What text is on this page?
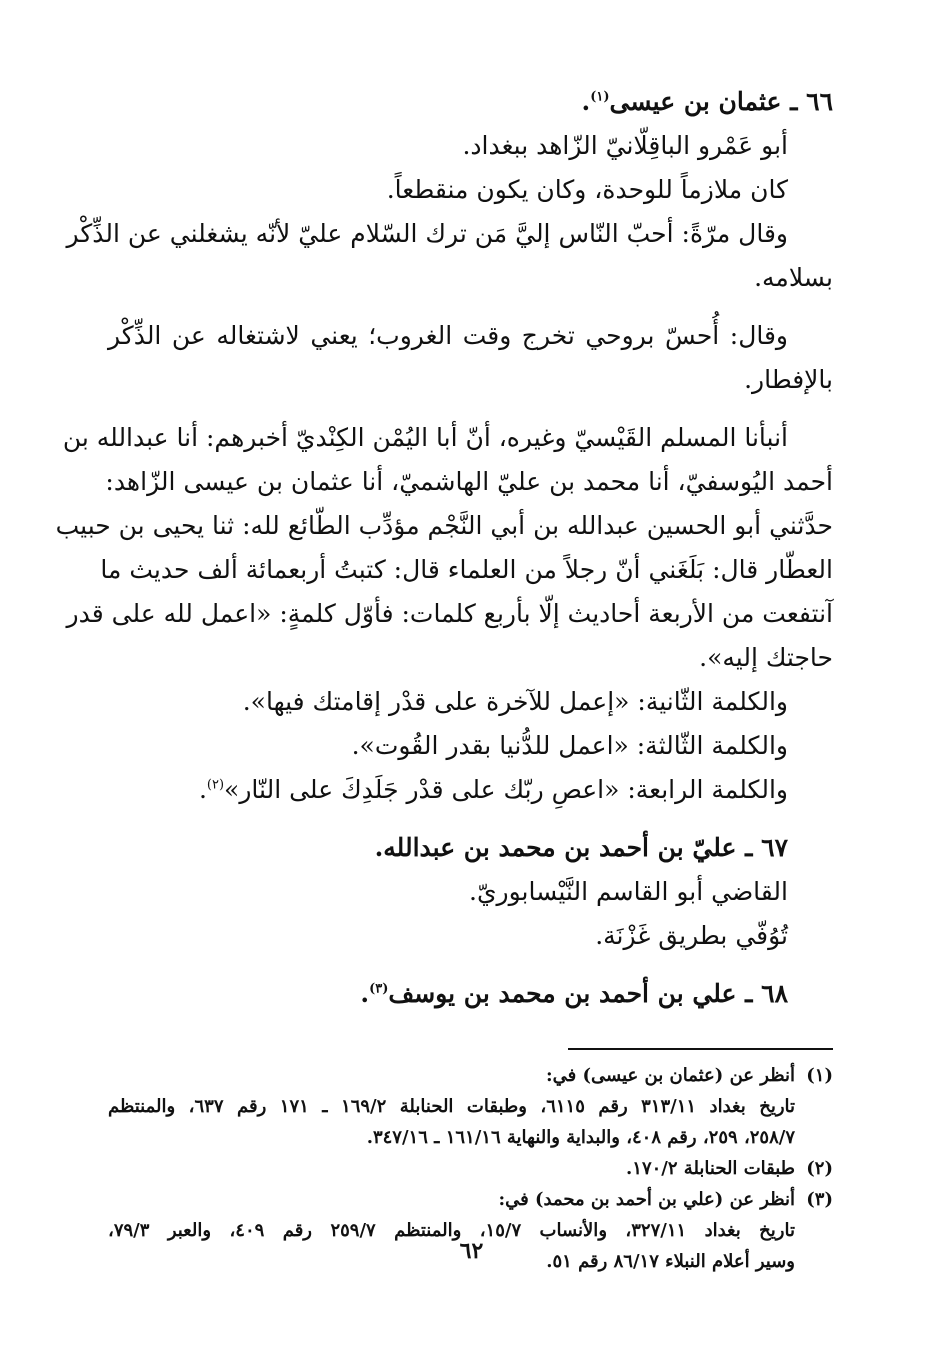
٦٦ ـ عثمان بن عيسى$^{(١)}$.
أبو عَمْرو الباقِلّانيّ الزّاهد ببغداد.
كان ملازماً للوحدة، وكان يكون منقطعاً.
وقال مرّةً: أحبّ النّاس إليَّ مَن ترك السّلام عليّ لأنّه يشغلني عن الذِّكْر
بسلامه.
وقال: أُحسّ بروحي تخرج وقت الغروب؛ يعني لاشتغاله عن الذِّكْر
بالإفطار.
أنبأنا المسلم القَيْسيّ وغيره، أنّ أبا اليُمْن الكِنْديّ أخبرهم: أنا عبدالله بن
أحمد اليُوسفيّ، أنا محمد بن عليّ الهاشميّ، أنا عثمان بن عيسى الزّاهد:
حدَّثني أبو الحسين عبدالله بن أبي النَّجْم مؤدِّب الطّائع لله: ثنا يحيى بن حبيب
العطّار قال: بَلَغَني أنّ رجلاً من العلماء قال: كتبتُ أربعمائة ألف حديث ما
آنتفعت من الأربعة أحاديث إلّا بأربع كلمات: فأوّل كلمةٍ: «اعمل لله على قدر
حاجتك إليه».
والكلمة الثّانية: «إعمل للآخرة على قدْر إقامتك فيها».
والكلمة الثّالثة: «اعمل للدُّنيا بقدر القُوت».
والكلمة الرابعة: «اعصِ ربّك على قدْر جَلَدِكَ على النّار»$^{(٢)}$.
٦٧ ـ عليّ بن أحمد بن محمد بن عبدالله.
القاضي أبو القاسم النَّيْسابوريّ.
تُوُفّي بطريق غَزْنَة.
٦٨ ـ علي بن أحمد بن محمد بن يوسف$^{(٣)}$.
(١)أنظر عن (عثمان بن عيسى) في:
تاريخ بغداد ٣١٣/١١ رقم ٦١١٥، وطبقات الحنابلة ١٦٩/٢ ـ ١٧١ رقم ٦٣٧، والمنتظم
٢٥٨/٧، ٢٥٩، رقم ٤٠٨، والبداية والنهاية ١٦١/١٦ ـ ٣٤٧/١٦.
(٢)طبقات الحنابلة ١٧٠/٢.
(٣)أنظر عن (علي بن أحمد بن محمد) في:
تاريخ بغداد ٣٢٧/١١، والأنساب ١٥/٧، والمنتظم ٢٥٩/٧ رقم ٤٠٩، والعبر ٧٩/٣،
وسير أعلام النبلاء ٨٦/١٧ رقم ٥١.
٦٢
